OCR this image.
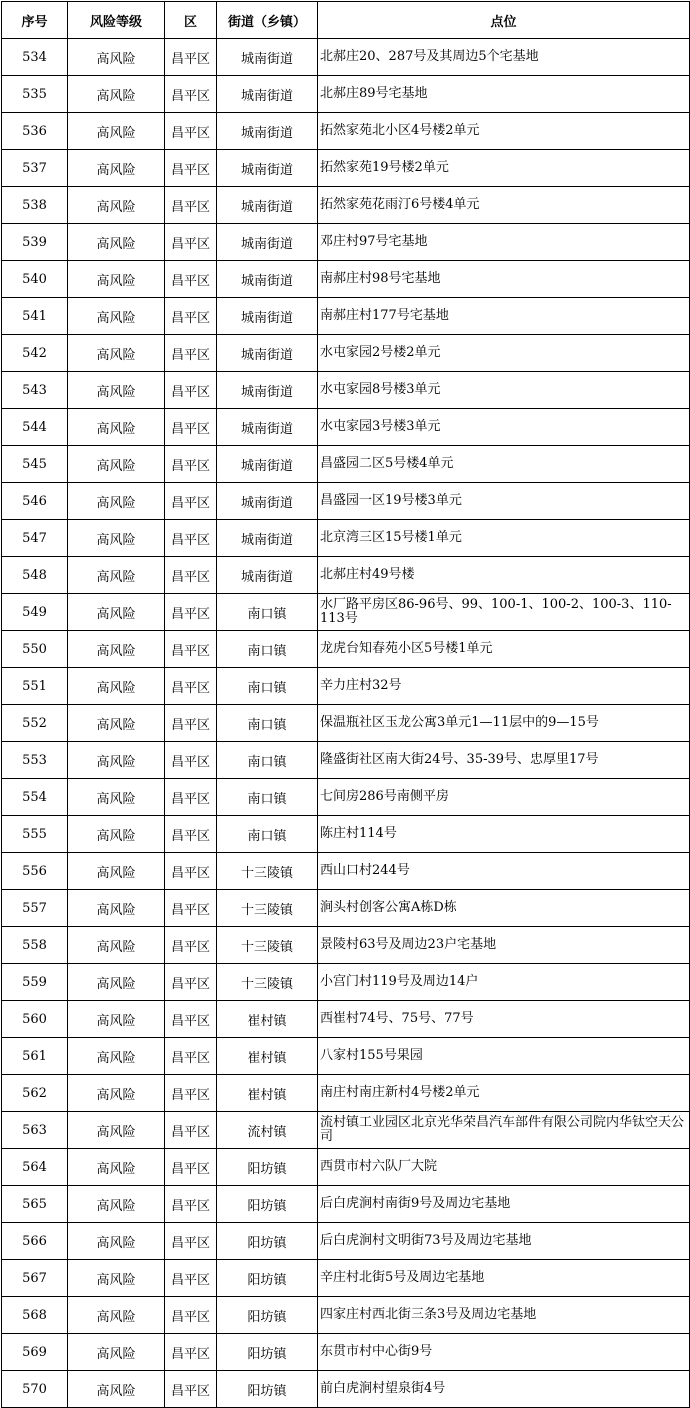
序号	风险等级	区	街道（乡镇）	点位
534	高风险	昌平区	城南街道	北郝庄20、287号及其周边5个宅基地
535	高风险	昌平区	城南街道	北郝庄89号宅基地
536	高风险	昌平区	城南街道	拓然家苑北小区4号楼2单元
537	高风险	昌平区	城南街道	拓然家苑19号楼2单元
538	高风险	昌平区	城南街道	拓然家苑花雨汀6号楼4单元
539	高风险	昌平区	城南街道	邓庄村97号宅基地
540	高风险	昌平区	城南街道	南郝庄村98号宅基地
541	高风险	昌平区	城南街道	南郝庄村177号宅基地
542	高风险	昌平区	城南街道	水屯家园2号楼2单元
543	高风险	昌平区	城南街道	水屯家园8号楼3单元
544	高风险	昌平区	城南街道	水屯家园3号楼3单元
545	高风险	昌平区	城南街道	昌盛园二区5号楼4单元
546	高风险	昌平区	城南街道	昌盛园一区19号楼3单元
547	高风险	昌平区	城南街道	北京湾三区15号楼1单元
548	高风险	昌平区	城南街道	北郝庄村49号楼
549	高风险	昌平区	南口镇	水厂路平房区86-96号、99、100-1、100-2、100-3、110-113号
550	高风险	昌平区	南口镇	龙虎台知春苑小区5号楼1单元
551	高风险	昌平区	南口镇	辛力庄村32号
552	高风险	昌平区	南口镇	保温瓶社区玉龙公寓3单元1—11层中的9—15号
553	高风险	昌平区	南口镇	隆盛街社区南大街24号、35-39号、忠厚里17号
554	高风险	昌平区	南口镇	七间房286号南侧平房
555	高风险	昌平区	南口镇	陈庄村114号
556	高风险	昌平区	十三陵镇	西山口村244号
557	高风险	昌平区	十三陵镇	涧头村创客公寓A栋D栋
558	高风险	昌平区	十三陵镇	景陵村63号及周边23户宅基地
559	高风险	昌平区	十三陵镇	小宫门村119号及周边14户
560	高风险	昌平区	崔村镇	西崔村74号、75号、77号
561	高风险	昌平区	崔村镇	八家村155号果园
562	高风险	昌平区	崔村镇	南庄村南庄新村4号楼2单元
563	高风险	昌平区	流村镇	流村镇工业园区北京光华荣昌汽车部件有限公司院内华钛空天公司
564	高风险	昌平区	阳坊镇	西贯市村六队厂大院
565	高风险	昌平区	阳坊镇	后白虎涧村南街9号及周边宅基地
566	高风险	昌平区	阳坊镇	后白虎涧村文明街73号及周边宅基地
567	高风险	昌平区	阳坊镇	辛庄村北街5号及周边宅基地
568	高风险	昌平区	阳坊镇	四家庄村西北街三条3号及周边宅基地
569	高风险	昌平区	阳坊镇	东贯市村中心街9号
570	高风险	昌平区	阳坊镇	前白虎涧村望泉街4号
